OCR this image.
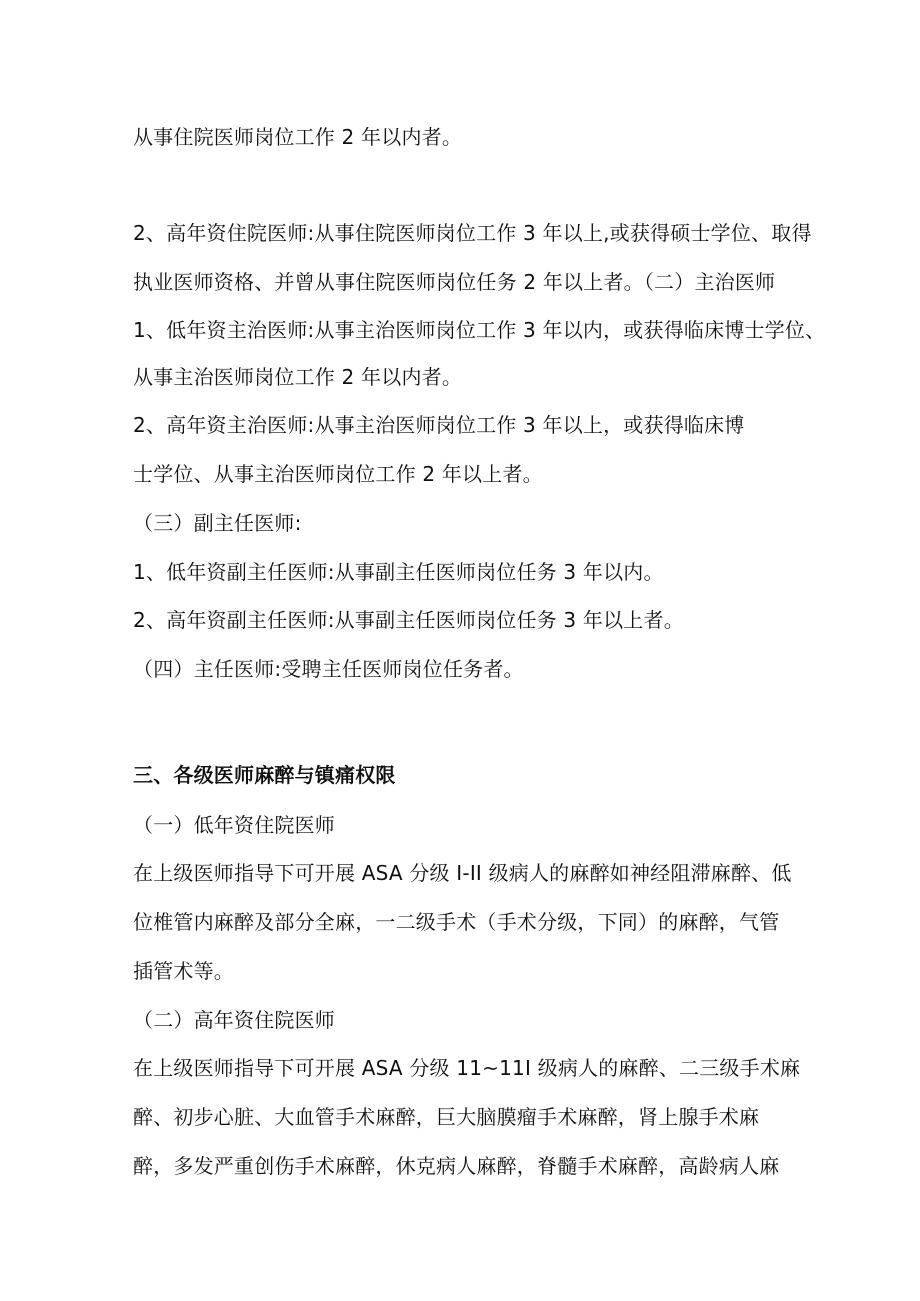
从事住院医师岗位工作 2 年以内者。
2、高年资住院医师:从事住院医师岗位工作 3 年以上,或获得硕士学位、取得
执业医师资格、并曾从事住院医师岗位任务 2 年以上者。（二）主治医师
1、低年资主治医师:从事主治医师岗位工作 3 年以内，或获得临床博士学位、
从事主治医师岗位工作 2 年以内者。
2、高年资主治医师:从事主治医师岗位工作 3 年以上，或获得临床博
士学位、从事主治医师岗位工作 2 年以上者。
（三）副主任医师:
1、低年资副主任医师:从事副主任医师岗位任务 3 年以内。
2、高年资副主任医师:从事副主任医师岗位任务 3 年以上者。
（四）主任医师:受聘主任医师岗位任务者。
三、各级医师麻醉与镇痛权限
（一）低年资住院医师
在上级医师指导下可开展 ASA 分级 I-II 级病人的麻醉如神经阻滞麻醉、低
位椎管内麻醉及部分全麻，一二级手术（手术分级，下同）的麻醉，气管
插管术等。
（二）高年资住院医师
在上级医师指导下可开展 ASA 分级 11~11I 级病人的麻醉、二三级手术麻
醉、初步心脏、大血管手术麻醉，巨大脑膜瘤手术麻醉，肾上腺手术麻
醉，多发严重创伤手术麻醉，休克病人麻醉，脊髓手术麻醉，高龄病人麻
